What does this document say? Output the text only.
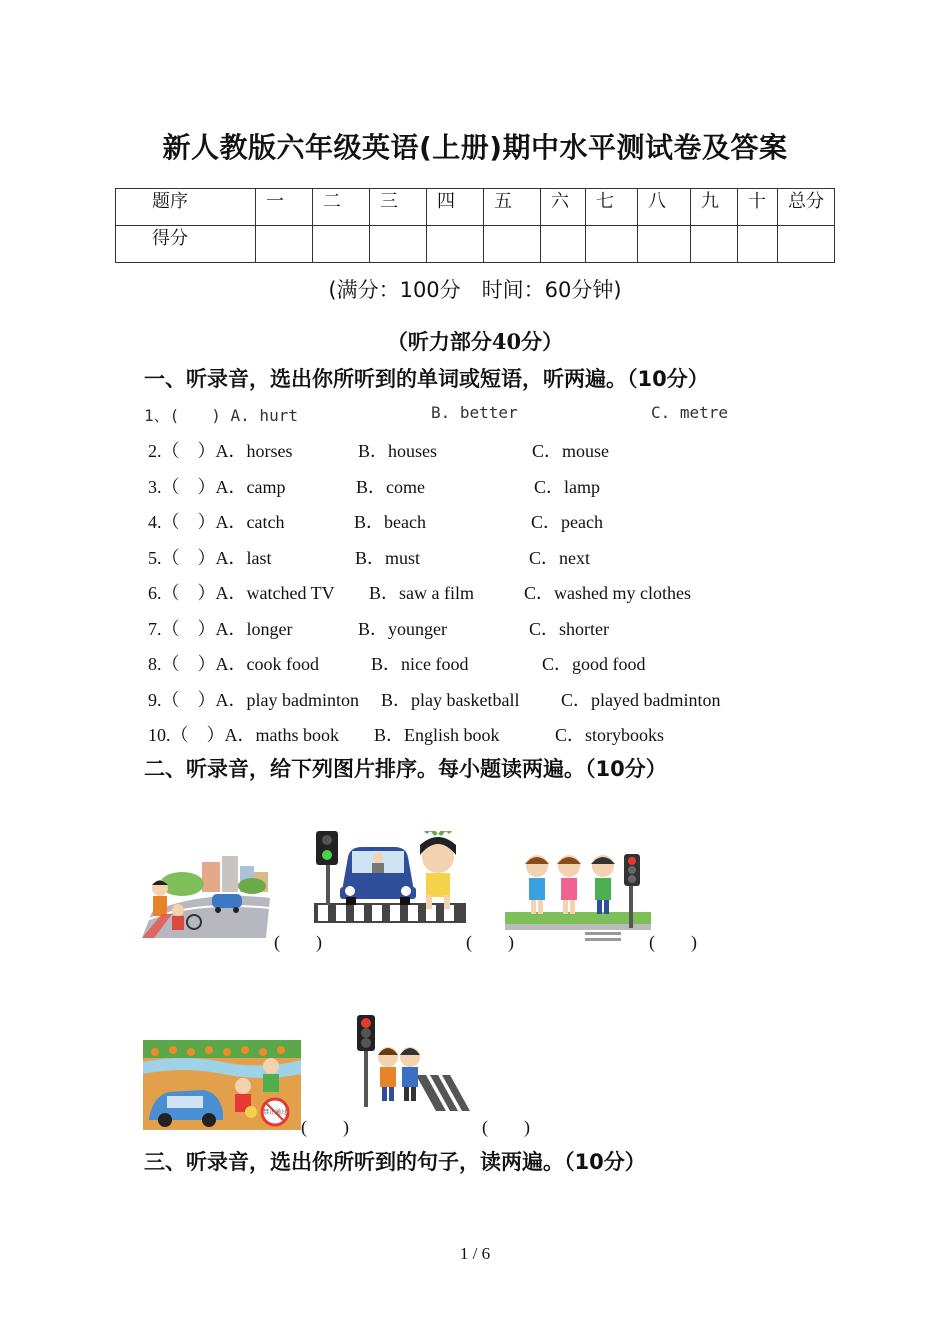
新人教版六年级英语(上册)期中水平测试卷及答案
题序	一	二	三	四	五	六	七	八	九	十	总分
得分											
(满分：100分　时间：60分钟)
（听力部分40分）
一、听录音，选出你所听到的单词或短语，听两遍。（10分）
1、(　　) A. hurt	B. better	C. metre
2.（　）A．horses	B．houses	C．mouse
3.（　）A．camp	B．come	C．lamp
4.（　）A．catch	B．beach	C．peach
5.（　）A．last	B．must	C．next
6.（　）A．watched TV B．saw a film	C．washed my clothes
7.（　）A．longer	B．younger	C．shorter
8.（　）A．cook food	B．nice food	C．good food
9.（　）A．play badminton B．play basketball C．played badminton
10.（　）A．maths book B．English book	C．storybooks
二、听录音，给下列图片排序。每小题读两遍。（10分）
(　　)	(　　)	(　　)
禁止通过
(　　)	(　　)
三、听录音，选出你所听到的句子，读两遍。（10分）
1 / 6
